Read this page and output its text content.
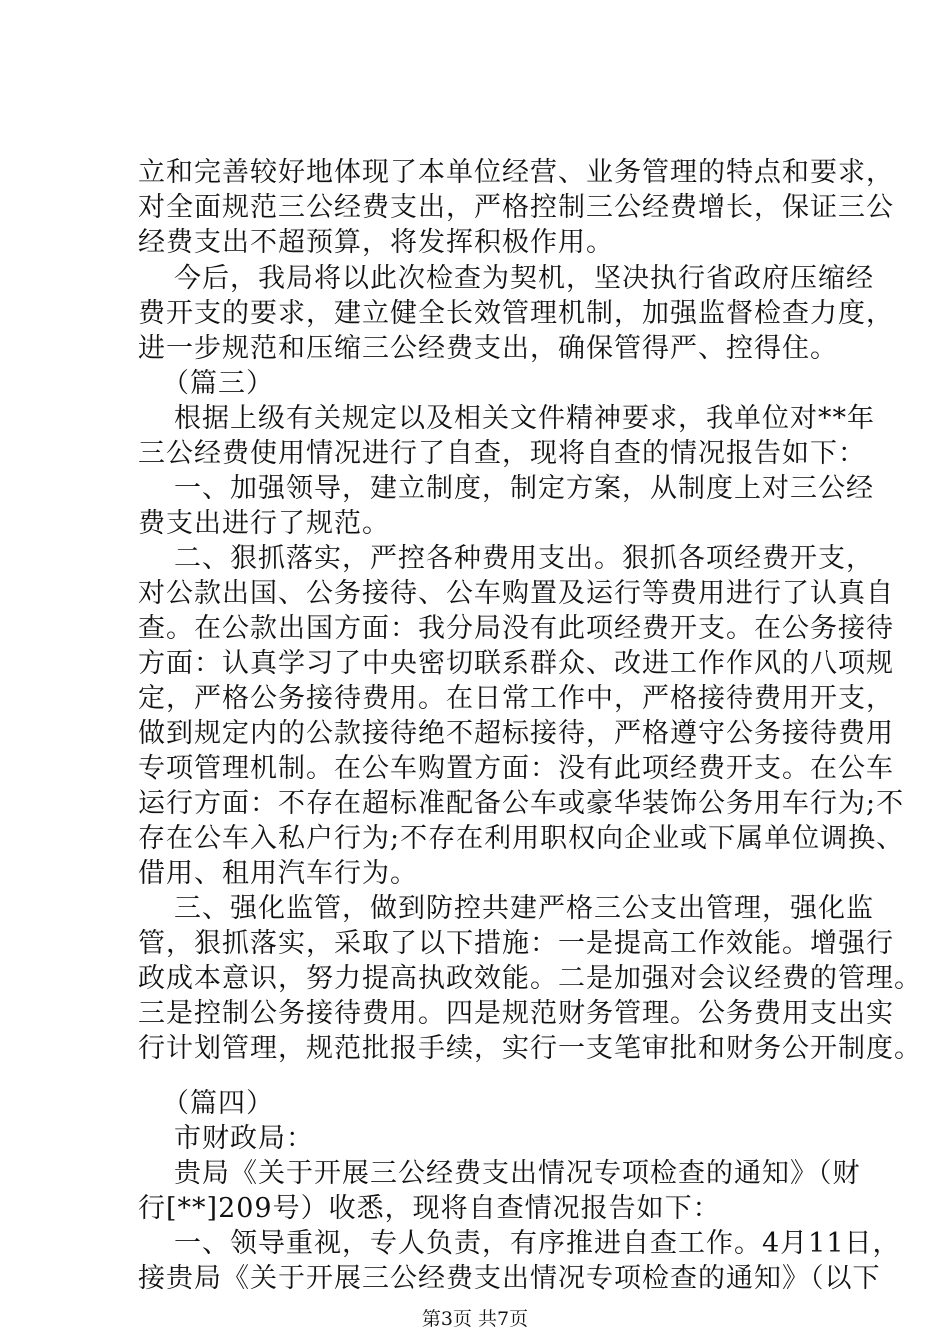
立和完善较好地体现了本单位经营、业务管理的特点和要求，
对全面规范三公经费支出，严格控制三公经费增长，保证三公
经费支出不超预算，将发挥积极作用。
今后，我局将以此次检查为契机，坚决执行省政府压缩经
费开支的要求，建立健全长效管理机制，加强监督检查力度，
进一步规范和压缩三公经费支出，确保管得严、控得住。
（篇三）
根据上级有关规定以及相关文件精神要求，我单位对**年
三公经费使用情况进行了自查，现将自查的情况报告如下：
一、加强领导，建立制度，制定方案，从制度上对三公经
费支出进行了规范。
二、狠抓落实，严控各种费用支出。狠抓各项经费开支，
对公款出国、公务接待、公车购置及运行等费用进行了认真自
查。在公款出国方面：我分局没有此项经费开支。在公务接待
方面：认真学习了中央密切联系群众、改进工作作风的八项规
定，严格公务接待费用。在日常工作中，严格接待费用开支，
做到规定内的公款接待绝不超标接待，严格遵守公务接待费用
专项管理机制。在公车购置方面：没有此项经费开支。在公车
运行方面：不存在超标准配备公车或豪华装饰公务用车行为;不
存在公车入私户行为;不存在利用职权向企业或下属单位调换、
借用、租用汽车行为。
三、强化监管，做到防控共建严格三公支出管理，强化监
管，狠抓落实，采取了以下措施：一是提高工作效能。增强行
政成本意识，努力提高执政效能。二是加强对会议经费的管理。
三是控制公务接待费用。四是规范财务管理。公务费用支出实
行计划管理，规范批报手续，实行一支笔审批和财务公开制度。
（篇四）
市财政局：
贵局《关于开展三公经费支出情况专项检查的通知》（财
行[**]209号）收悉，现将自查情况报告如下：
一、领导重视，专人负责，有序推进自查工作。4月11日，
接贵局《关于开展三公经费支出情况专项检查的通知》（以下
第3页 共7页
